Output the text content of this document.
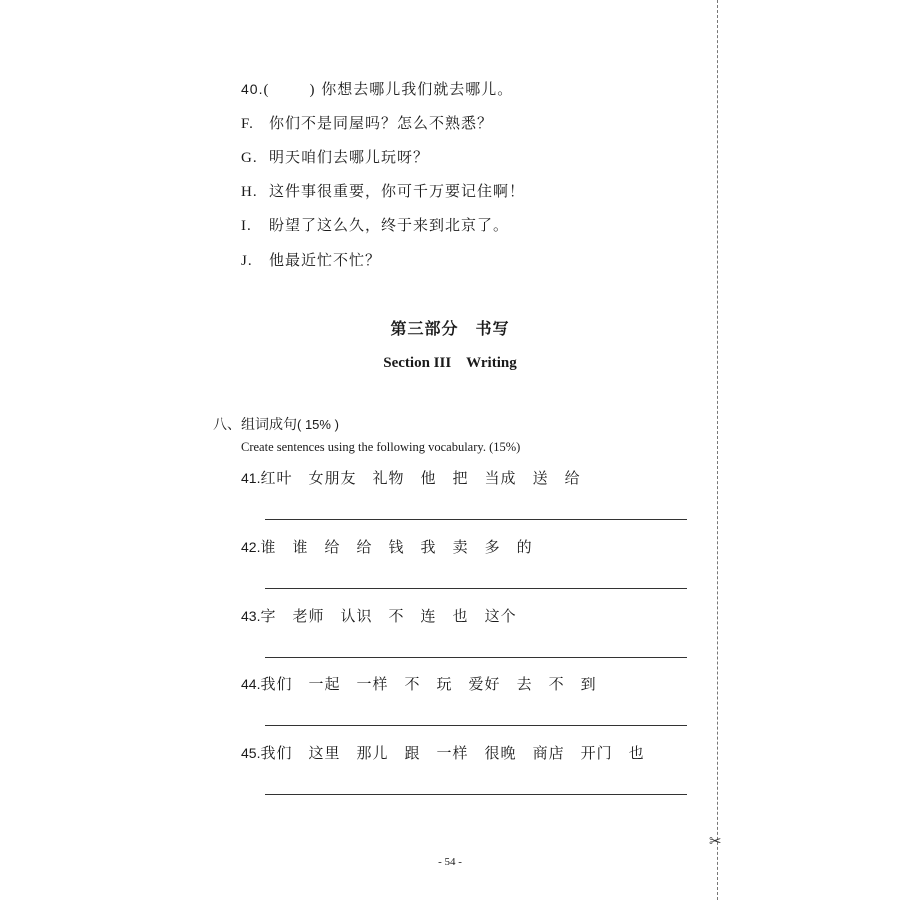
40.(	) 你想去哪儿我们就去哪儿。
F. 你们不是同屋吗？怎么不熟悉？
G. 明天咱们去哪儿玩呀？
H. 这件事很重要，你可千万要记住啊！
I. 盼望了这么久，终于来到北京了。
J. 他最近忙不忙？
第三部分　书写
Section III　Writing
八、组词成句( 15% )
Create sentences using the following vocabulary. (15%)
41.红叶 女朋友 礼物 他 把 当成 送 给
42.谁 谁 给 给 钱 我 卖 多 的
43.字 老师 认识 不 连 也 这个
44.我们 一起 一样 不 玩 爱好 去 不 到
45.我们 这里 那儿 跟 一样 很晚 商店 开门 也
✂
- 54 -
